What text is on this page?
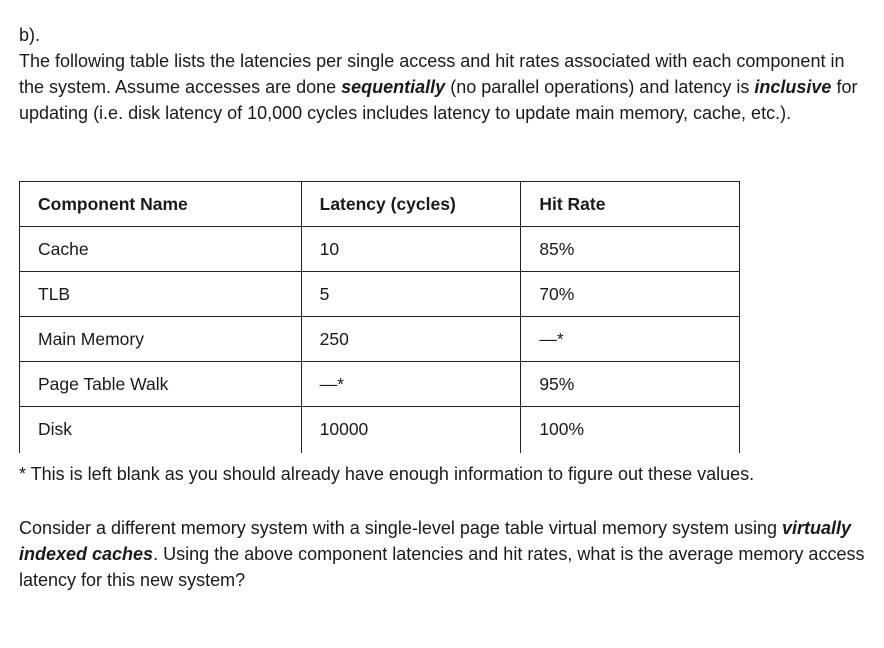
b).
The following table lists the latencies per single access and hit rates associated with each component in the system. Assume accesses are done sequentially (no parallel operations) and latency is inclusive for updating (i.e. disk latency of 10,000 cycles includes latency to update main memory, cache, etc.).
Component Name	Latency (cycles)	Hit Rate
Cache	10	85%
TLB	5	70%
Main Memory	250	—*
Page Table Walk	—*	95%
Disk	10000	100%
* This is left blank as you should already have enough information to figure out these values.
Consider a different memory system with a single-level page table virtual memory system using virtually indexed caches. Using the above component latencies and hit rates, what is the average memory access latency for this new system?
